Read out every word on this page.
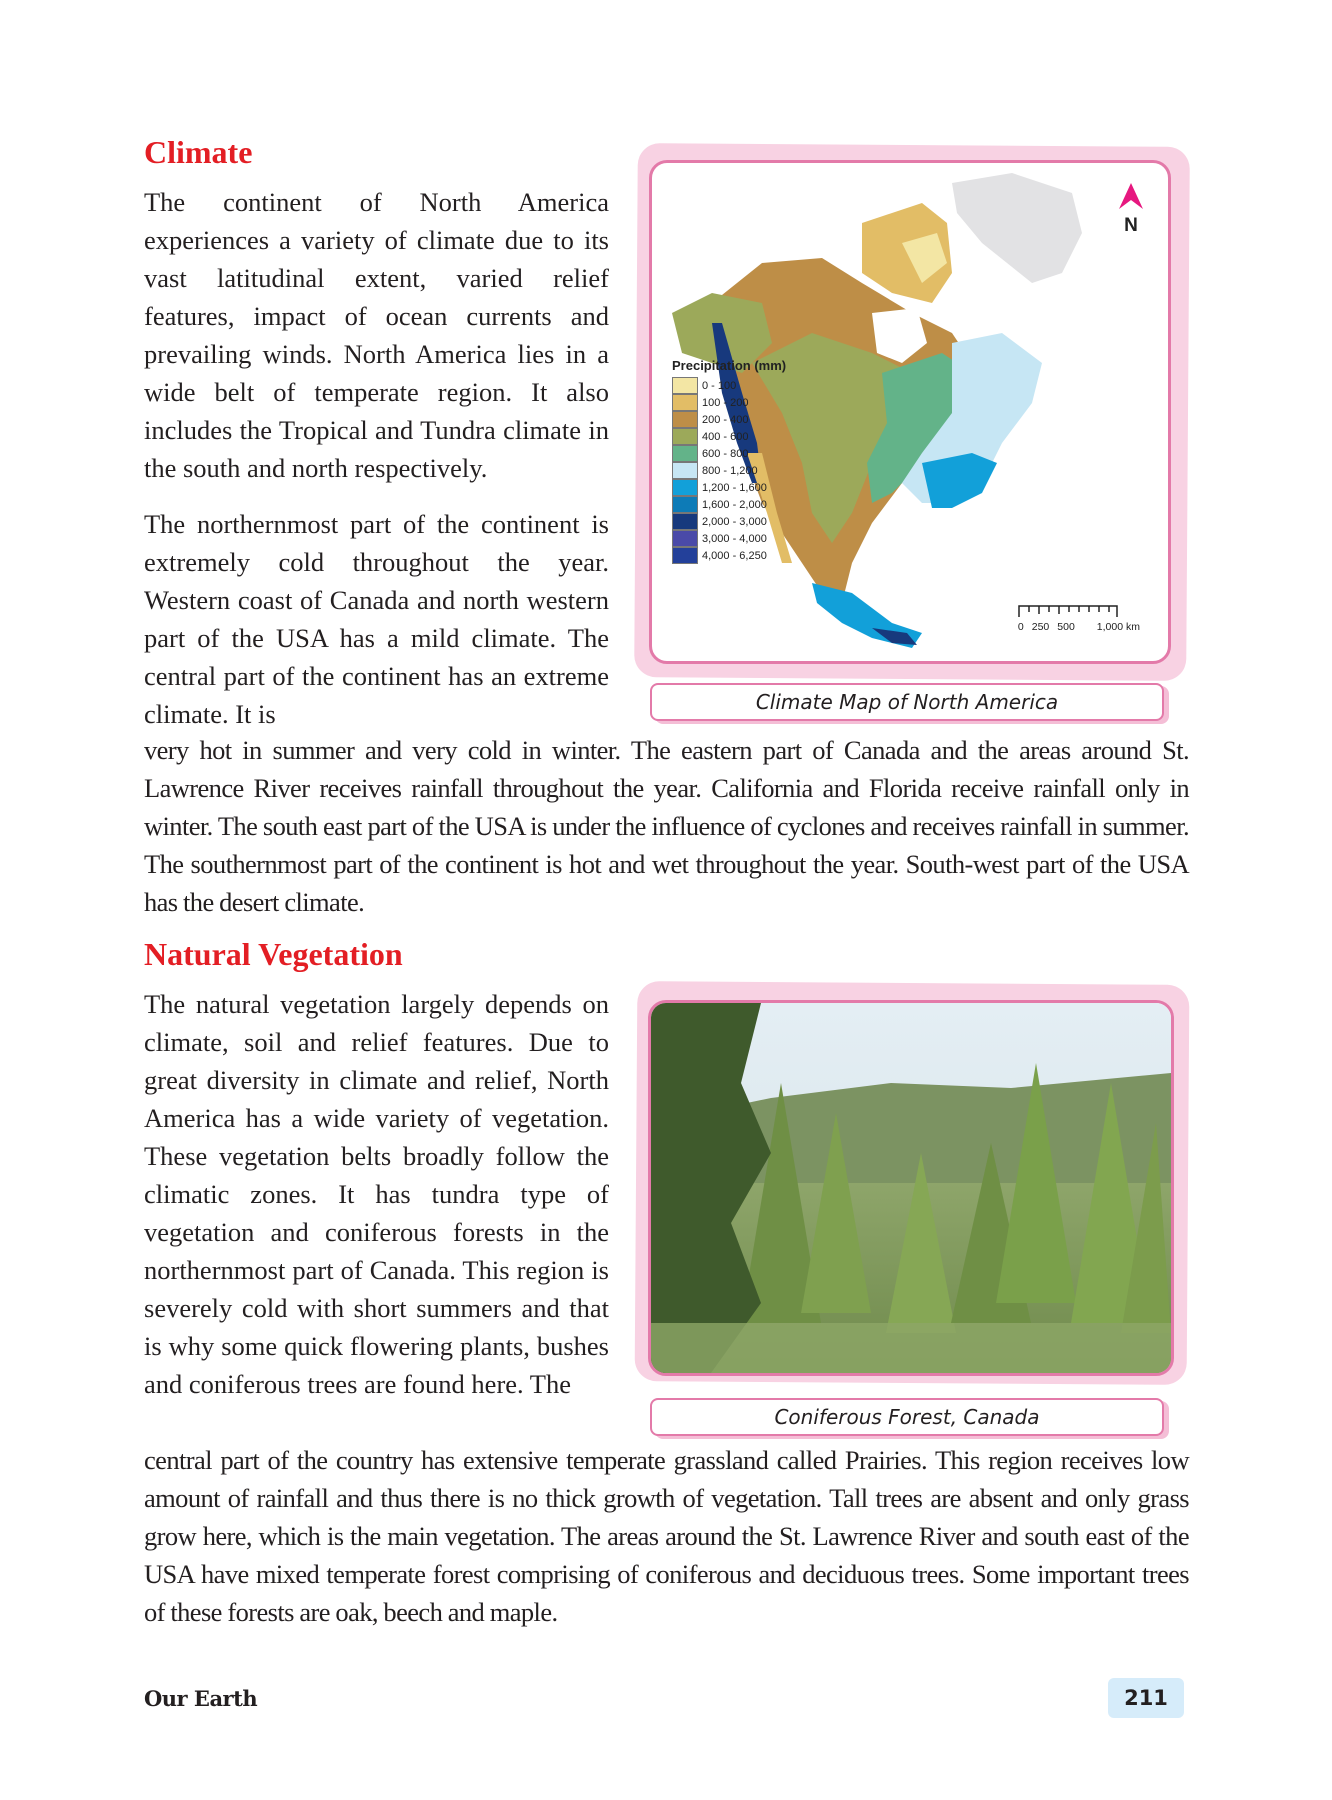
Climate

The continent of North America experiences a variety of climate due to its vast latitudinal extent, varied relief features, impact of ocean currents and prevailing winds. North America lies in a wide belt of temperate region. It also includes the Tropical and Tundra climate in the south and north respectively.

The northernmost part of the continent is extremely cold throughout the year. Western coast of Canada and north western part of the USA has a mild climate. The central part of the continent has an extreme climate. It is

very hot in summer and very cold in winter. The eastern part of Canada and the areas around St. Lawrence River receives rainfall throughout the year. California and Florida receive rainfall only in winter. The south east part of the USA is under the influence of cyclones and receives rainfall in summer. The southernmost part of the continent is hot and wet throughout the year. South-west part of the USA has the desert climate.

Precipitation (mm)
0 - 100
100 - 200
200 - 400
400 - 600
600 - 800
800 - 1,200
1,200 - 1,600
1,600 - 2,000
2,000 - 3,000
3,000 - 4,000
4,000 - 6,250
N
0 250 500 1,000 km
Climate Map of North America
Natural Vegetation

The natural vegetation largely depends on climate, soil and relief features. Due to great diversity in climate and relief, North America has a wide variety of vegetation. These vegetation belts broadly follow the climatic zones. It has tundra type of vegetation and coniferous forests in the northernmost part of Canada. This region is severely cold with short summers and that is why some quick flowering plants, bushes and coniferous trees are found here. The

central part of the country has extensive temperate grassland called Prairies. This region receives low amount of rainfall and thus there is no thick growth of vegetation. Tall trees are absent and only grass grow here, which is the main vegetation. The areas around the St. Lawrence River and south east of the USA have mixed temperate forest comprising of coniferous and deciduous trees. Some important trees of these forests are oak, beech and maple.

Coniferous Forest, Canada
Our Earth	211
